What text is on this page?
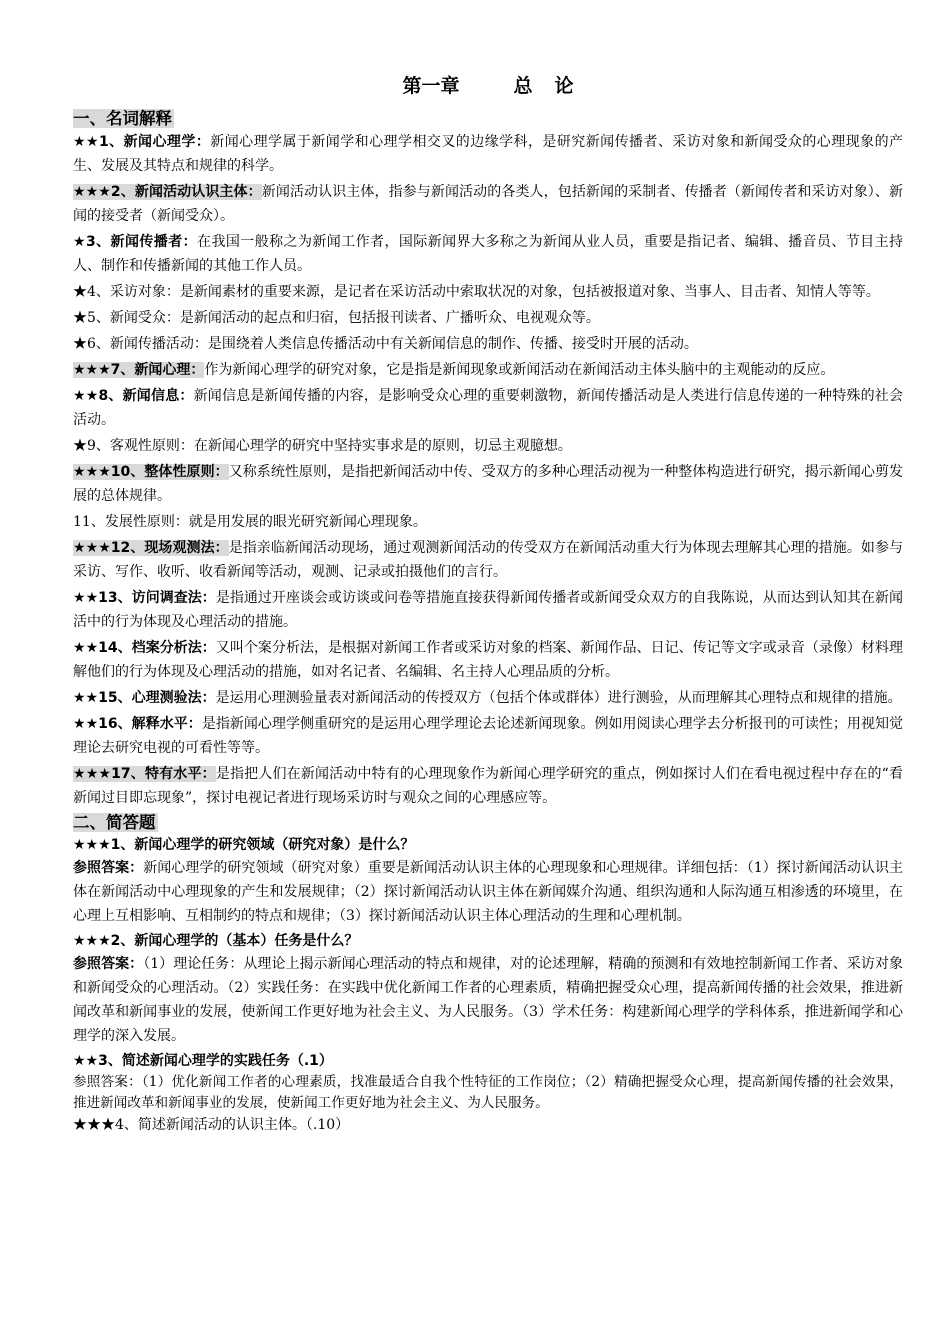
第一章	总 论
一、名词解释

★★1、新闻心理学：新闻心理学属于新闻学和心理学相交叉的边缘学科，是研究新闻传播者、采访对象和新闻受众的心理现象的产生、发展及其特点和规律的科学。

★★★2、新闻活动认识主体：新闻活动认识主体，指参与新闻活动的各类人，包括新闻的采制者、传播者（新闻传者和采访对象）、新闻的接受者（新闻受众）。

★3、新闻传播者：在我国一般称之为新闻工作者，国际新闻界大多称之为新闻从业人员，重要是指记者、编辑、播音员、节目主持人、制作和传播新闻的其他工作人员。

★4、采访对象：是新闻素材的重要来源，是记者在采访活动中索取状况的对象，包括被报道对象、当事人、目击者、知情人等等。

★5、新闻受众：是新闻活动的起点和归宿，包括报刊读者、广播听众、电视观众等。

★6、新闻传播活动：是围绕着人类信息传播活动中有关新闻信息的制作、传播、接受时开展的活动。

★★★7、新闻心理：作为新闻心理学的研究对象，它是指是新闻现象或新闻活动在新闻活动主体头脑中的主观能动的反应。

★★8、新闻信息：新闻信息是新闻传播的内容，是影响受众心理的重要刺激物，新闻传播活动是人类进行信息传递的一种特殊的社会活动。

★9、客观性原则：在新闻心理学的研究中坚持实事求是的原则，切忌主观臆想。

★★★10、整体性原则：又称系统性原则，是指把新闻活动中传、受双方的多种心理活动视为一种整体构造进行研究，揭示新闻心剪发展的总体规律。

11、发展性原则：就是用发展的眼光研究新闻心理现象。

★★★12、现场观测法：是指亲临新闻活动现场，通过观测新闻活动的传受双方在新闻活动重大行为体现去理解其心理的措施。如参与采访、写作、收听、收看新闻等活动，观测、记录或拍摄他们的言行。

★★13、访问调查法：是指通过开座谈会或访谈或问卷等措施直接获得新闻传播者或新闻受众双方的自我陈说，从而达到认知其在新闻活中的行为体现及心理活动的措施。

★★14、档案分析法：又叫个案分析法，是根据对新闻工作者或采访对象的档案、新闻作品、日记、传记等文字或录音（录像）材料理解他们的行为体现及心理活动的措施，如对名记者、名编辑、名主持人心理品质的分析。

★★15、心理测验法：是运用心理测验量表对新闻活动的传授双方（包括个体或群体）进行测验，从而理解其心理特点和规律的措施。

★★16、解释水平：是指新闻心理学侧重研究的是运用心理学理论去论述新闻现象。例如用阅读心理学去分析报刊的可读性；用视知觉理论去研究电视的可看性等等。

★★★17、特有水平：是指把人们在新闻活动中特有的心理现象作为新闻心理学研究的重点，例如探讨人们在看电视过程中存在的“看新闻过目即忘现象”，探讨电视记者进行现场采访时与观众之间的心理感应等。

二、简答题
★★★1、新闻心理学的研究领域（研究对象）是什么？

参照答案：新闻心理学的研究领域（研究对象）重要是新闻活动认识主体的心理现象和心理规律。详细包括：（1）探讨新闻活动认识主体在新闻活动中心理现象的产生和发展规律；（2）探讨新闻活动认识主体在新闻媒介沟通、组织沟通和人际沟通互相渗透的环境里，在心理上互相影响、互相制约的特点和规律；（3）探讨新闻活动认识主体心理活动的生理和心理机制。

★★★2、新闻心理学的（基本）任务是什么？

参照答案：（1）理论任务：从理论上揭示新闻心理活动的特点和规律，对的论述理解，精确的预测和有效地控制新闻工作者、采访对象和新闻受众的心理活动。（2）实践任务：在实践中优化新闻工作者的心理素质，精确把握受众心理，提高新闻传播的社会效果，推进新闻改革和新闻事业的发展，使新闻工作更好地为社会主义、为人民服务。（3）学术任务：构建新闻心理学的学科体系，推进新闻学和心理学的深入发展。

★★3、简述新闻心理学的实践任务（.1）

参照答案：（1）优化新闻工作者的心理素质，找准最适合自我个性特征的工作岗位；（2）精确把握受众心理，提高新闻传播的社会效果，推进新闻改革和新闻事业的发展，使新闻工作更好地为社会主义、为人民服务。

★★★4、简述新闻活动的认识主体。（.10）
